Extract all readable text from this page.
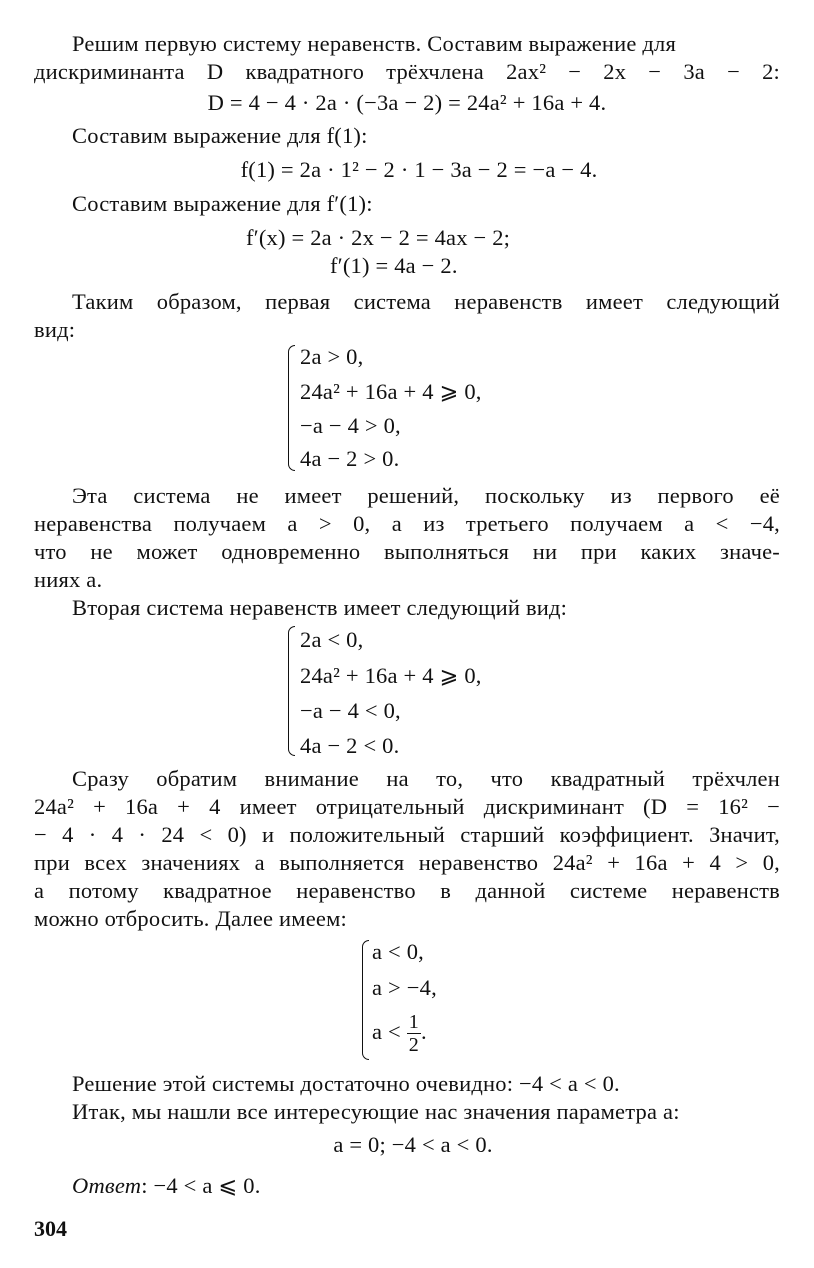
Решим первую систему неравенств. Составим выражение для
дискриминанта D квадратного трёхчлена 2ax² − 2x − 3a − 2:
D = 4 − 4 · 2a · (−3a − 2) = 24a² + 16a + 4.
Составим выражение для f(1):
f(1) = 2a · 1² − 2 · 1 − 3a − 2 = −a − 4.
Составим выражение для f′(1):
f′(x) = 2a · 2x − 2 = 4ax − 2;
f′(1) = 4a − 2.
Таким образом, первая система неравенств имеет следующий
вид:
2a > 0,
24a² + 16a + 4 ⩾ 0,
−a − 4 > 0,
4a − 2 > 0.
Эта система не имеет решений, поскольку из первого её
неравенства получаем a > 0, а из третьего получаем a < −4,
что не может одновременно выполняться ни при каких значе-
ниях a.
Вторая система неравенств имеет следующий вид:
2a < 0,
24a² + 16a + 4 ⩾ 0,
−a − 4 < 0,
4a − 2 < 0.
Сразу обратим внимание на то, что квадратный трёхчлен
24a² + 16a + 4 имеет отрицательный дискриминант (D = 16² −
− 4 · 4 · 24 < 0) и положительный старший коэффициент. Значит,
при всех значениях a выполняется неравенство 24a² + 16a + 4 > 0,
а потому квадратное неравенство в данной системе неравенств
можно отбросить. Далее имеем:
a < 0,
a > −4,
$a < \frac{1}{2}$ .
Решение этой системы достаточно очевидно: −4 < a < 0.
Итак, мы нашли все интересующие нас значения параметра a:
a = 0; −4 < a < 0.
Ответ: −4 < a ⩽ 0.
304
